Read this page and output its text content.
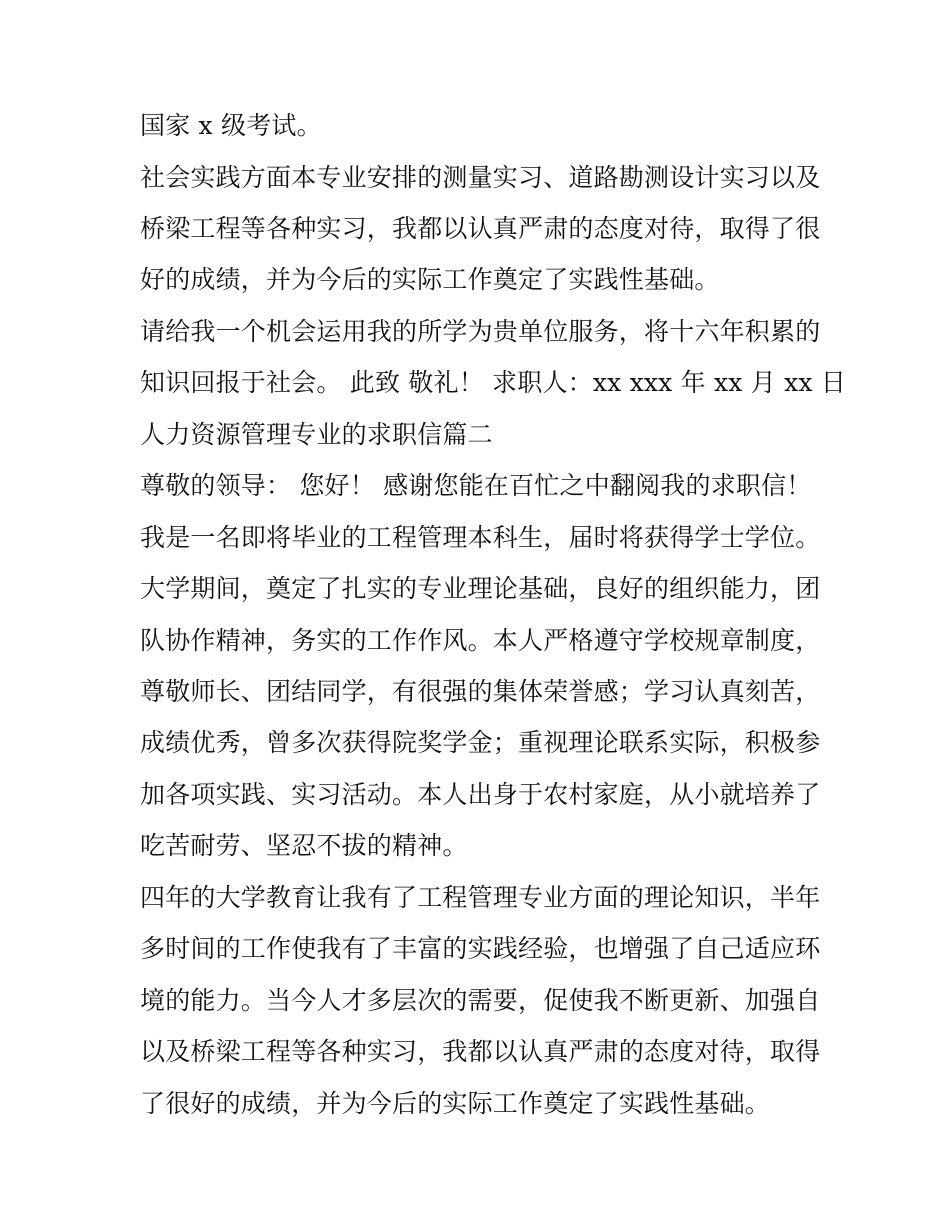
国家 x 级考试。
社会实践方面本专业安排的测量实习、道路勘测设计实习以及
桥梁工程等各种实习，我都以认真严肃的态度对待，取得了很
好的成绩，并为今后的实际工作奠定了实践性基础。
请给我一个机会运用我的所学为贵单位服务，将十六年积累的
知识回报于社会。 此致 敬礼！ 求职人：xx xxx 年 xx 月 xx 日
人力资源管理专业的求职信篇二
尊敬的领导： 您好！ 感谢您能在百忙之中翻阅我的求职信！
我是一名即将毕业的工程管理本科生，届时将获得学士学位。
大学期间，奠定了扎实的专业理论基础，良好的组织能力，团
队协作精神，务实的工作作风。本人严格遵守学校规章制度，
尊敬师长、团结同学，有很强的集体荣誉感；学习认真刻苦，
成绩优秀，曾多次获得院奖学金；重视理论联系实际，积极参
加各项实践、实习活动。本人出身于农村家庭，从小就培养了
吃苦耐劳、坚忍不拔的精神。
四年的大学教育让我有了工程管理专业方面的理论知识，半年
多时间的工作使我有了丰富的实践经验，也增强了自己适应环
境的能力。当今人才多层次的需要，促使我不断更新、加强自
以及桥梁工程等各种实习，我都以认真严肃的态度对待，取得
了很好的成绩，并为今后的实际工作奠定了实践性基础。
